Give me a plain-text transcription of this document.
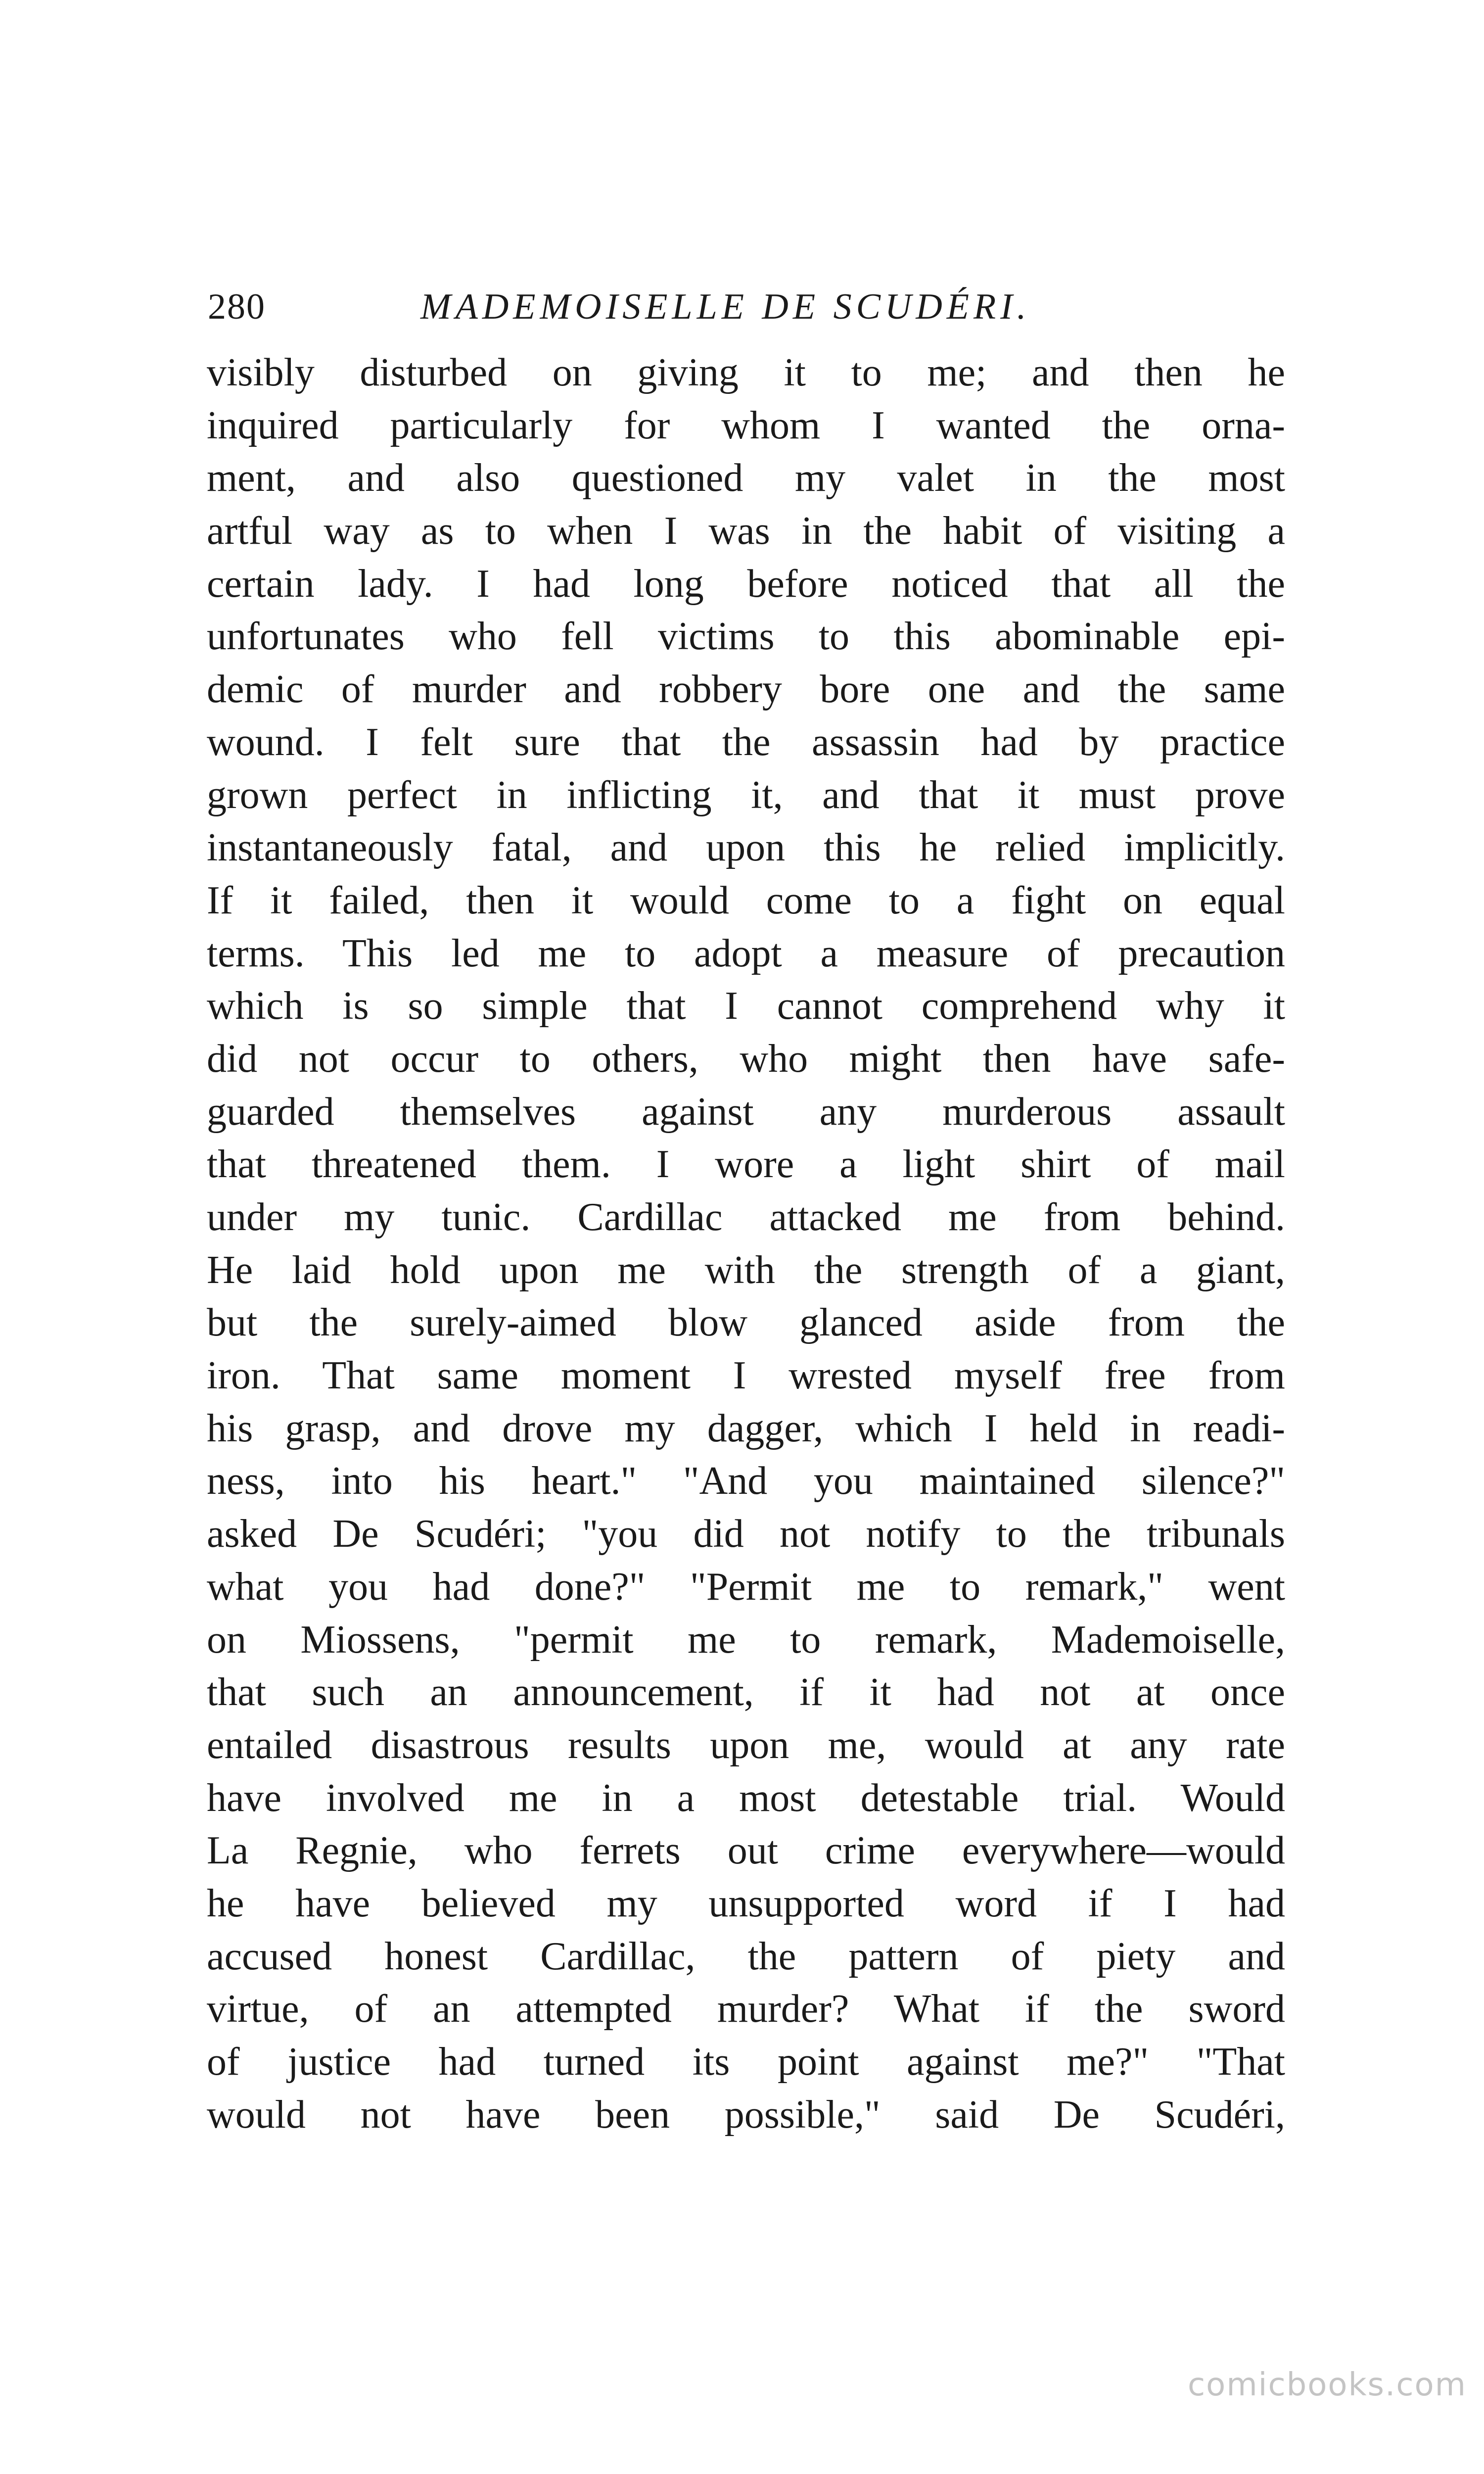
280	MADEMOISELLE DE SCUDÉRI.
visibly disturbed on giving it to me; and then he
inquired particularly for whom I wanted the orna-
ment, and also questioned my valet in the most
artful way as to when I was in the habit of visiting a
certain lady. I had long before noticed that all the
unfortunates who fell victims to this abominable epi-
demic of murder and robbery bore one and the same
wound. I felt sure that the assassin had by practice
grown perfect in inflicting it, and that it must prove
instantaneously fatal, and upon this he relied implicitly.
If it failed, then it would come to a fight on equal
terms. This led me to adopt a measure of precaution
which is so simple that I cannot comprehend why it
did not occur to others, who might then have safe-
guarded themselves against any murderous assault
that threatened them. I wore a light shirt of mail
under my tunic. Cardillac attacked me from behind.
He laid hold upon me with the strength of a giant,
but the surely-aimed blow glanced aside from the
iron. That same moment I wrested myself free from
his grasp, and drove my dagger, which I held in readi-
ness, into his heart." "And you maintained silence?"
asked De Scudéri; "you did not notify to the tribunals
what you had done?" "Permit me to remark," went
on Miossens, "permit me to remark, Mademoiselle,
that such an announcement, if it had not at once
entailed disastrous results upon me, would at any rate
have involved me in a most detestable trial. Would
La Regnie, who ferrets out crime everywhere—would
he have believed my unsupported word if I had
accused honest Cardillac, the pattern of piety and
virtue, of an attempted murder? What if the sword
of justice had turned its point against me?" "That
would not have been possible," said De Scudéri,
comicbooks.com
